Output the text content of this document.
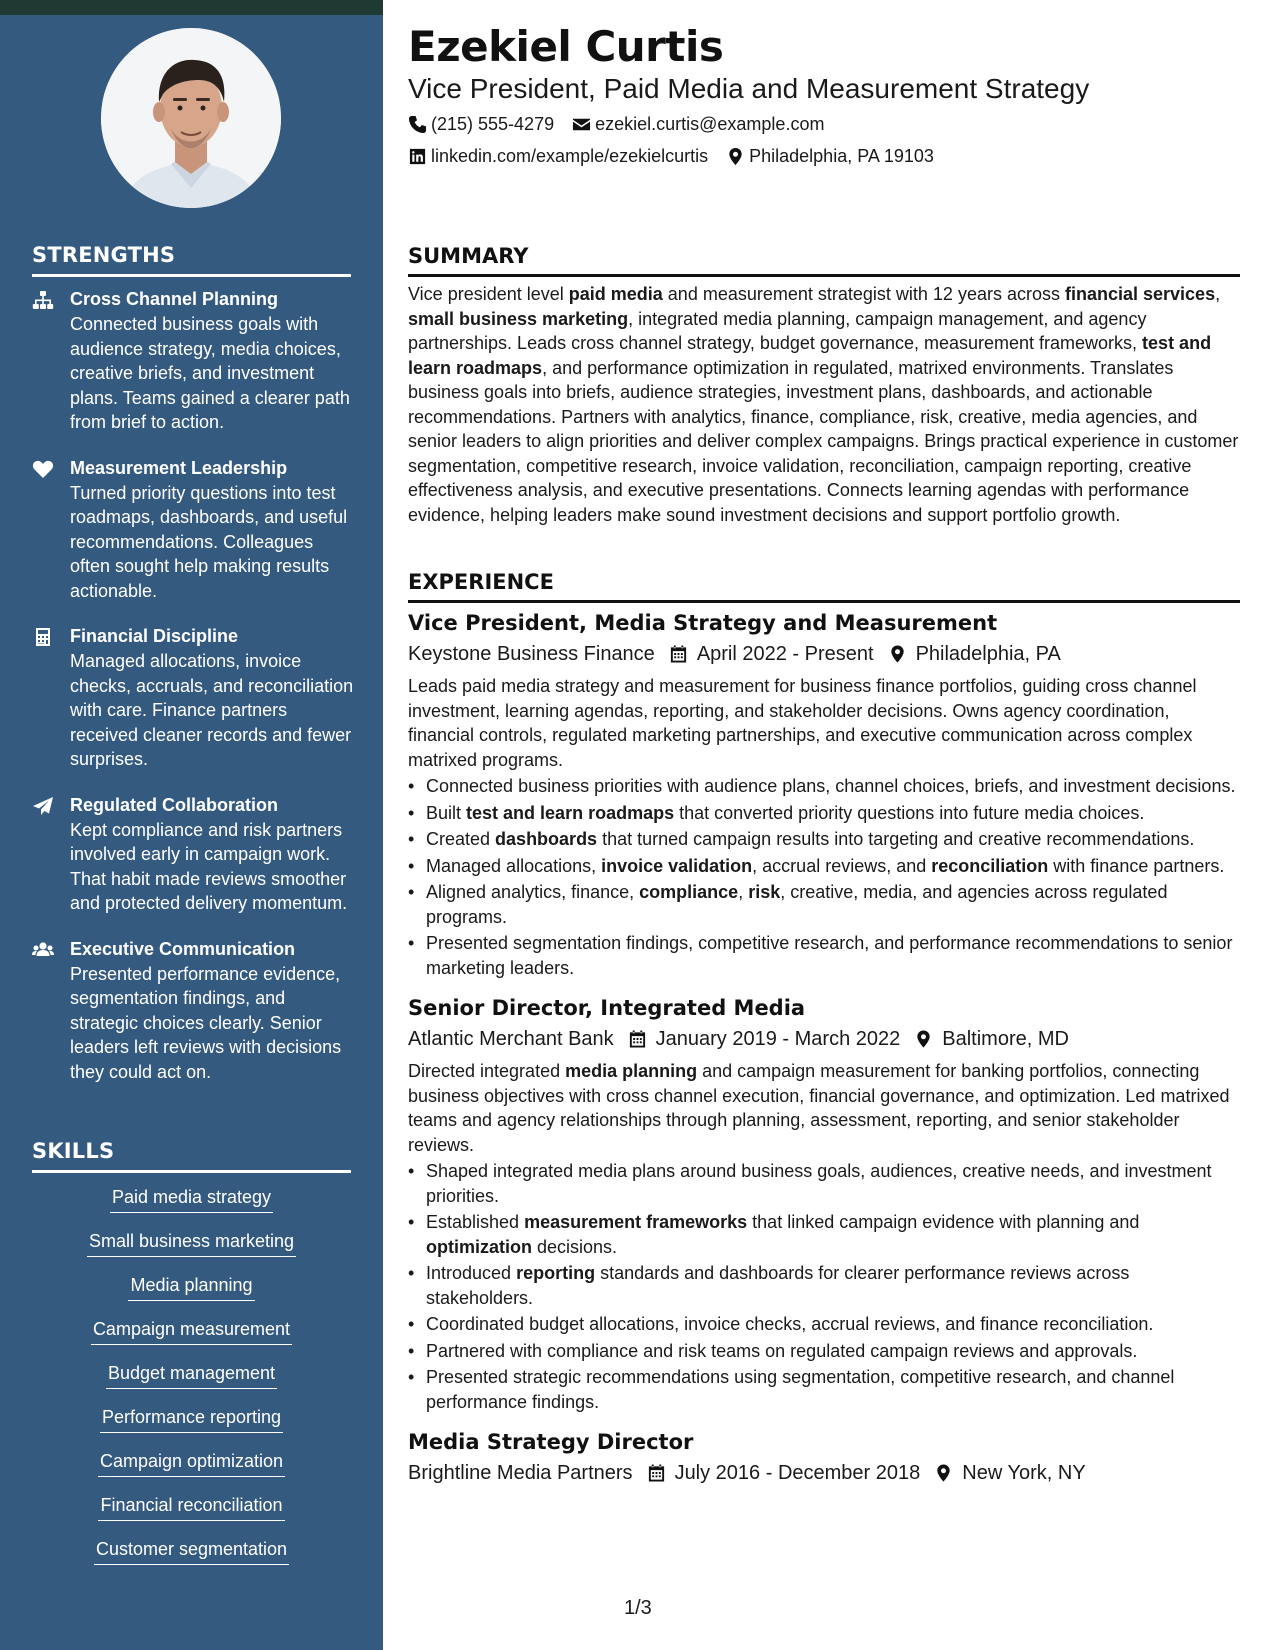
STRENGTHS
Cross Channel Planning
Connected business goals with audience strategy, media choices, creative briefs, and investment plans. Teams gained a clearer path from brief to action.
Measurement Leadership
Turned priority questions into test roadmaps, dashboards, and useful recommendations. Colleagues often sought help making results actionable.
Financial Discipline
Managed allocations, invoice checks, accruals, and reconciliation with care. Finance partners received cleaner records and fewer surprises.
Regulated Collaboration
Kept compliance and risk partners involved early in campaign work. That habit made reviews smoother and protected delivery momentum.
Executive Communication
Presented performance evidence, segmentation findings, and strategic choices clearly. Senior leaders left reviews with decisions they could act on.
SKILLS
Paid media strategy
Small business marketing
Media planning
Campaign measurement
Budget management
Performance reporting
Campaign optimization
Financial reconciliation
Customer segmentation
Ezekiel Curtis
Vice President, Paid Media and Measurement Strategy
(215) 555-4279 ezekiel.curtis@example.com
linkedin.com/example/ezekielcurtis Philadelphia, PA 19103
SUMMARY

Vice president level paid media and measurement strategist with 12 years across financial services, small business marketing, integrated media planning, campaign management, and agency partnerships. Leads cross channel strategy, budget governance, measurement frameworks, test and learn roadmaps, and performance optimization in regulated, matrixed environments. Translates business goals into briefs, audience strategies, investment plans, dashboards, and actionable recommendations. Partners with analytics, finance, compliance, risk, creative, media agencies, and senior leaders to align priorities and deliver complex campaigns. Brings practical experience in customer segmentation, competitive research, invoice validation, reconciliation, campaign reporting, creative effectiveness analysis, and executive presentations. Connects learning agendas with performance evidence, helping leaders make sound investment decisions and support portfolio growth.

EXPERIENCE
Vice President, Media Strategy and Measurement
Keystone Business Finance April 2022 - Present Philadelphia, PA

Leads paid media strategy and measurement for business finance portfolios, guiding cross channel investment, learning agendas, reporting, and stakeholder decisions. Owns agency coordination, financial controls, regulated marketing partnerships, and executive communication across complex matrixed programs.

• Connected business priorities with audience plans, channel choices, briefs, and investment decisions.
• Built test and learn roadmaps that converted priority questions into future media choices.
• Created dashboards that turned campaign results into targeting and creative recommendations.
• Managed allocations, invoice validation, accrual reviews, and reconciliation with finance partners.
• Aligned analytics, finance, compliance, risk, creative, media, and agencies across regulated programs.
• Presented segmentation findings, competitive research, and performance recommendations to senior marketing leaders.
Senior Director, Integrated Media
Atlantic Merchant Bank January 2019 - March 2022 Baltimore, MD

Directed integrated media planning and campaign measurement for banking portfolios, connecting business objectives with cross channel execution, financial governance, and optimization. Led matrixed teams and agency relationships through planning, assessment, reporting, and senior stakeholder reviews.

• Shaped integrated media plans around business goals, audiences, creative needs, and investment priorities.
• Established measurement frameworks that linked campaign evidence with planning and optimization decisions.
• Introduced reporting standards and dashboards for clearer performance reviews across stakeholders.
• Coordinated budget allocations, invoice checks, accrual reviews, and finance reconciliation.
• Partnered with compliance and risk teams on regulated campaign reviews and approvals.
• Presented strategic recommendations using segmentation, competitive research, and channel performance findings.
Media Strategy Director
Brightline Media Partners July 2016 - December 2018 New York, NY
1/3
